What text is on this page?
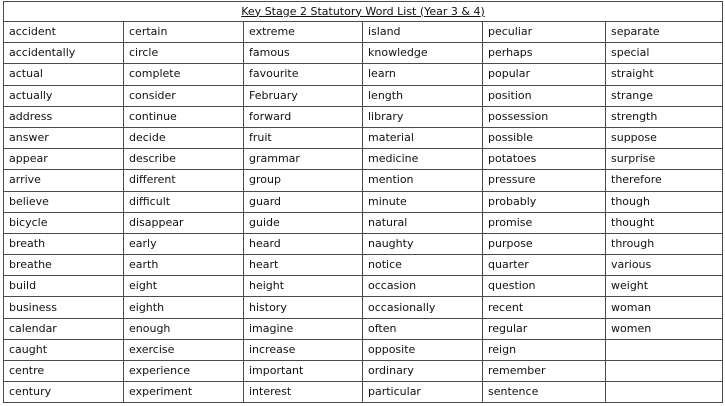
Key Stage 2 Statutory Word List (Year 3 & 4)					
accident	certain	extreme	island	peculiar	separate
accidentally	circle	famous	knowledge	perhaps	special
actual	complete	favourite	learn	popular	straight
actually	consider	February	length	position	strange
address	continue	forward	library	possession	strength
answer	decide	fruit	material	possible	suppose
appear	describe	grammar	medicine	potatoes	surprise
arrive	different	group	mention	pressure	therefore
believe	difficult	guard	minute	probably	though
bicycle	disappear	guide	natural	promise	thought
breath	early	heard	naughty	purpose	through
breathe	earth	heart	notice	quarter	various
build	eight	height	occasion	question	weight
business	eighth	history	occasionally	recent	woman
calendar	enough	imagine	often	regular	women
caught	exercise	increase	opposite	reign	
centre	experience	important	ordinary	remember	
century	experiment	interest	particular	sentence	
